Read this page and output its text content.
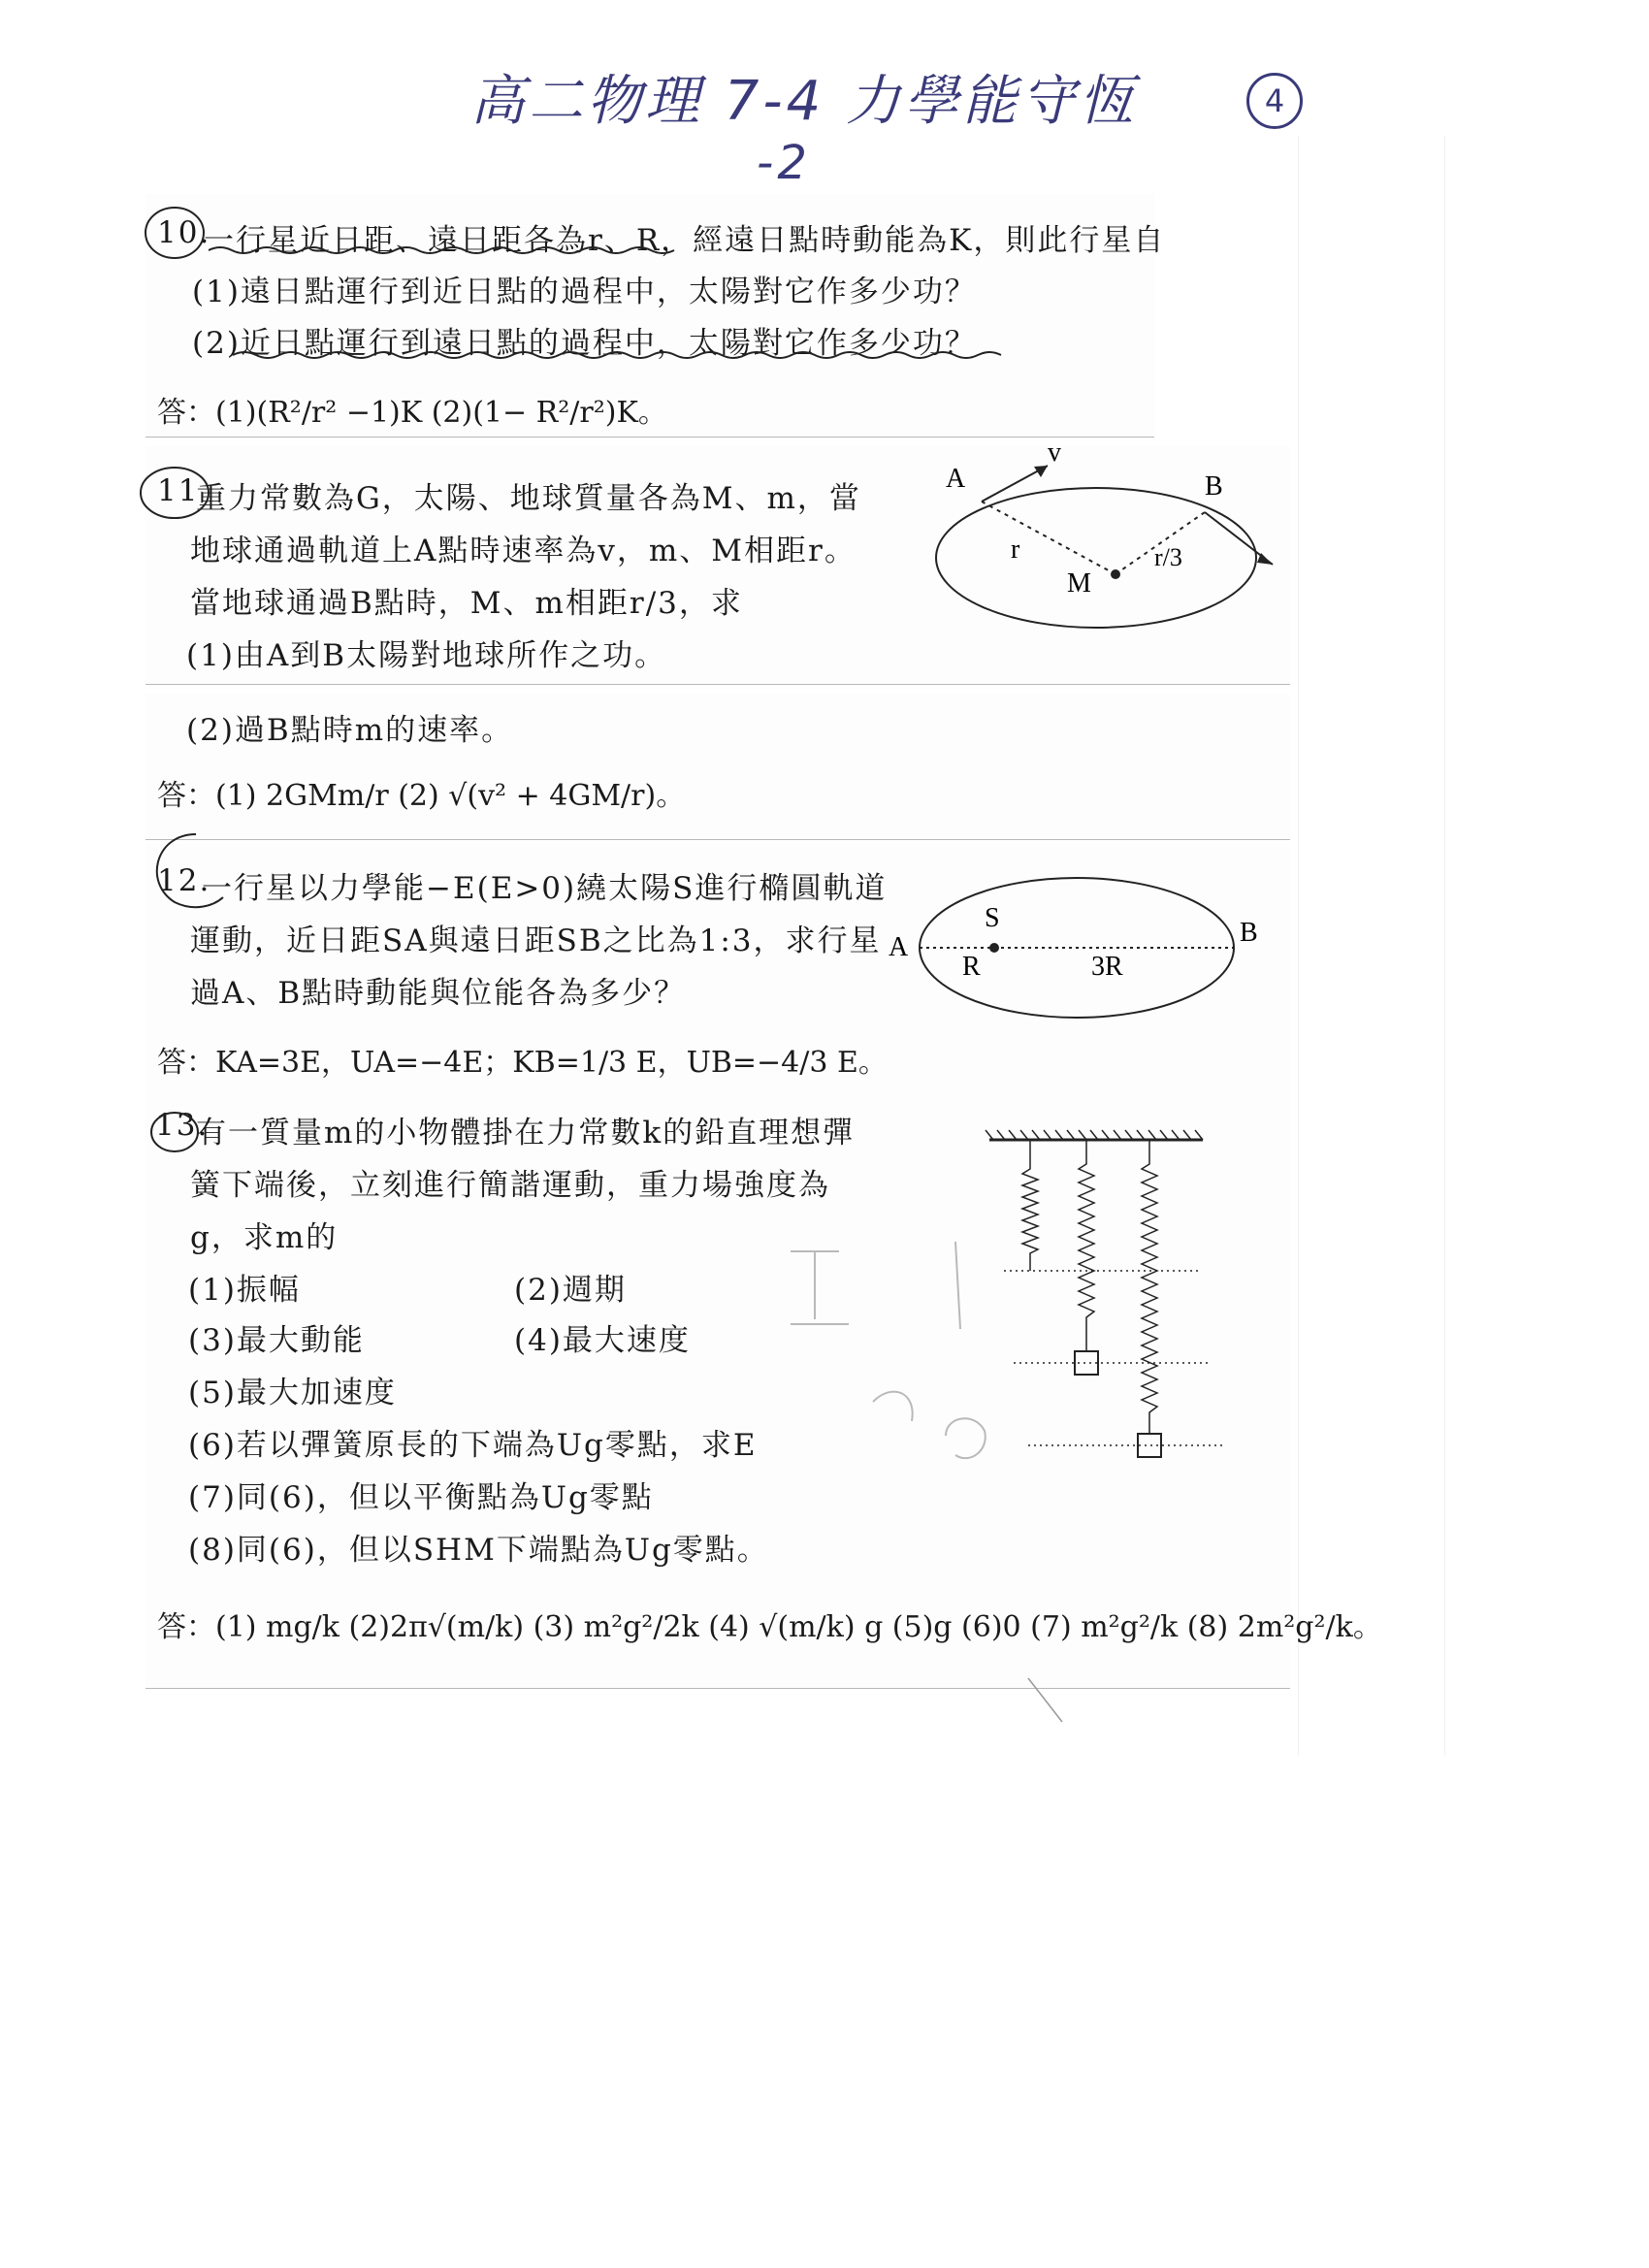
高二物理 7-4 力學能守恆
-2
4
10.
一行星近日距、遠日距各為r、R，經遠日點時動能為K，則此行星自
(1)遠日點運行到近日點的過程中，太陽對它作多少功？
(2)近日點運行到遠日點的過程中，太陽對它作多少功？
答：(1)(R²/r² −1)K (2)(1− R²/r²)K。
11
重力常數為G，太陽、地球質量各為M、m，當
地球通過軌道上A點時速率為v，m、M相距r。
當地球通過B點時，M、m相距r/3，求
(1)由A到B太陽對地球所作之功。
A
v
B
r
M
r/3
(2)過B點時m的速率。
答：(1) 2GMm/r (2) √(v² + 4GM/r)。
12.
一行星以力學能−E(E>0)繞太陽S進行橢圓軌道
運動，近日距SA與遠日距SB之比為1:3，求行星
過A、B點時動能與位能各為多少？
答：KA=3E，UA=−4E；KB=1/3 E，UB=−4/3 E。
A	B
S
R	3R
13.
有一質量m的小物體掛在力常數k的鉛直理想彈
簧下端後，立刻進行簡諧運動，重力場強度為
g，求m的
(1)振幅	(2)週期
(3)最大動能	(4)最大速度
(5)最大加速度
(6)若以彈簧原長的下端為Ug零點，求E
(7)同(6)，但以平衡點為Ug零點
(8)同(6)，但以SHM下端點為Ug零點。
答：(1) mg/k (2)2π√(m/k) (3) m²g²/2k (4) √(m/k) g (5)g (6)0 (7) m²g²/k (8) 2m²g²/k。
